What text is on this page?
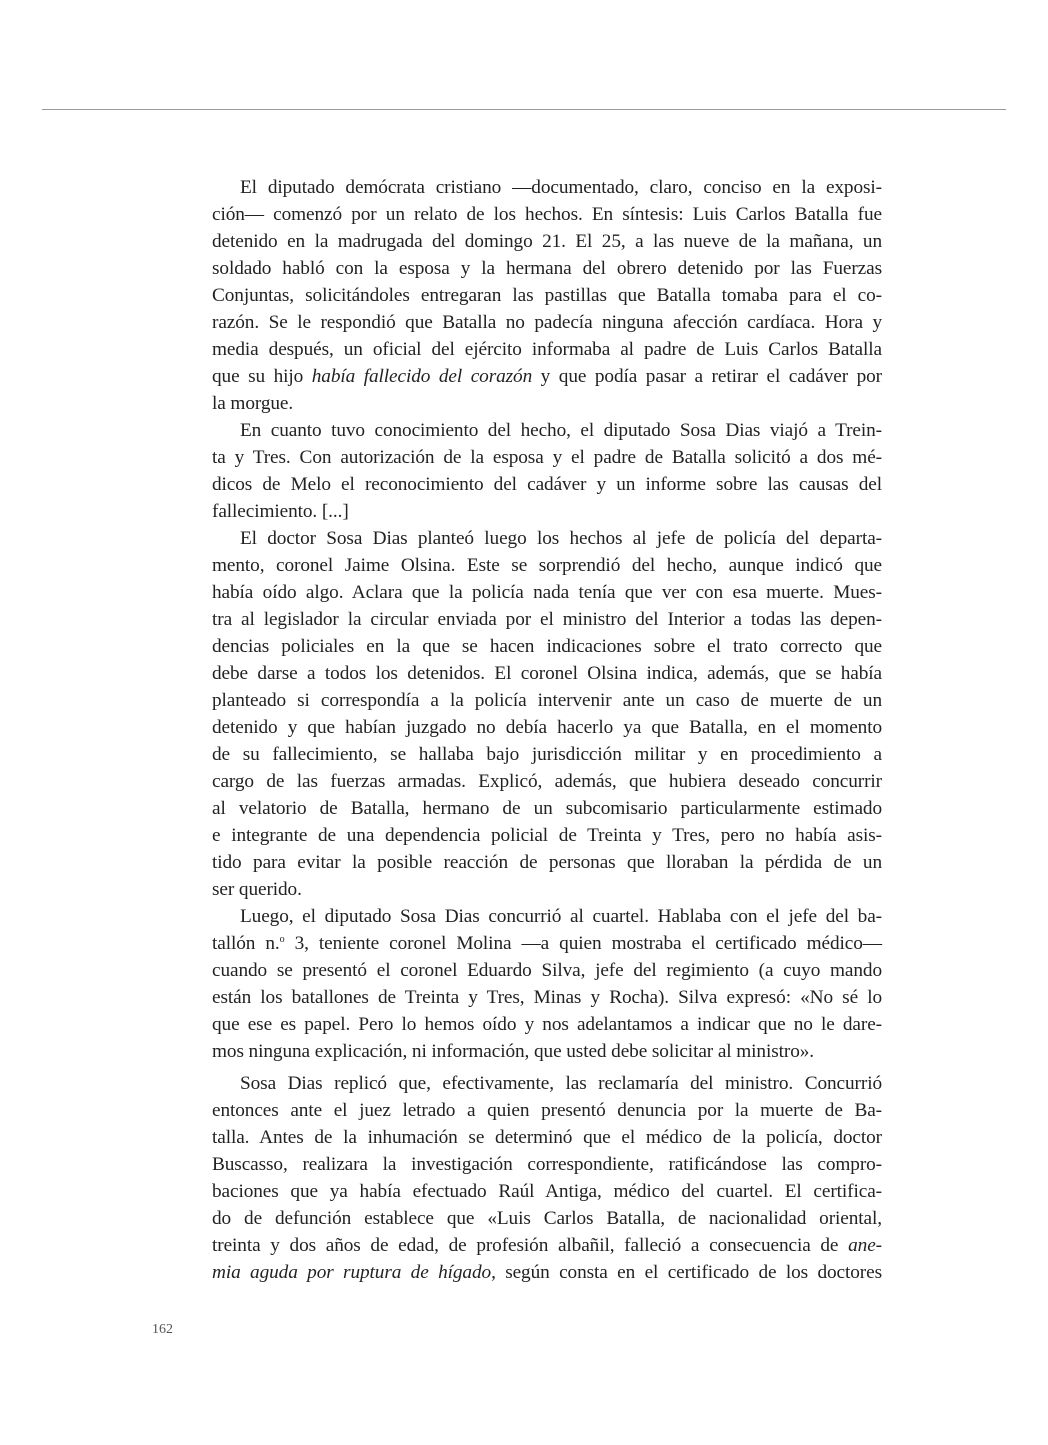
El diputado demócrata cristiano —documentado, claro, conciso en la exposi-
ción— comenzó por un relato de los hechos. En síntesis: Luis Carlos Batalla fue
detenido en la madrugada del domingo 21. El 25, a las nueve de la mañana, un
soldado habló con la esposa y la hermana del obrero detenido por las Fuerzas
Conjuntas, solicitándoles entregaran las pastillas que Batalla tomaba para el co-
razón. Se le respondió que Batalla no padecía ninguna afección cardíaca. Hora y
media después, un oficial del ejército informaba al padre de Luis Carlos Batalla
que su hijo había fallecido del corazón y que podía pasar a retirar el cadáver por
la morgue.
En cuanto tuvo conocimiento del hecho, el diputado Sosa Dias viajó a Trein-
ta y Tres. Con autorización de la esposa y el padre de Batalla solicitó a dos mé-
dicos de Melo el reconocimiento del cadáver y un informe sobre las causas del
fallecimiento. [...]
El doctor Sosa Dias planteó luego los hechos al jefe de policía del departa-
mento, coronel Jaime Olsina. Este se sorprendió del hecho, aunque indicó que
había oído algo. Aclara que la policía nada tenía que ver con esa muerte. Mues-
tra al legislador la circular enviada por el ministro del Interior a todas las depen-
dencias policiales en la que se hacen indicaciones sobre el trato correcto que
debe darse a todos los detenidos. El coronel Olsina indica, además, que se había
planteado si correspondía a la policía intervenir ante un caso de muerte de un
detenido y que habían juzgado no debía hacerlo ya que Batalla, en el momento
de su fallecimiento, se hallaba bajo jurisdicción militar y en procedimiento a
cargo de las fuerzas armadas. Explicó, además, que hubiera deseado concurrir
al velatorio de Batalla, hermano de un subcomisario particularmente estimado
e integrante de una dependencia policial de Treinta y Tres, pero no había asis-
tido para evitar la posible reacción de personas que lloraban la pérdida de un
ser querido.
Luego, el diputado Sosa Dias concurrió al cuartel. Hablaba con el jefe del ba-
tallón n.$^o$ 3, teniente coronel Molina —a quien mostraba el certificado médico—
cuando se presentó el coronel Eduardo Silva, jefe del regimiento (a cuyo mando
están los batallones de Treinta y Tres, Minas y Rocha). Silva expresó: «No sé lo
que ese es papel. Pero lo hemos oído y nos adelantamos a indicar que no le dare-
mos ninguna explicación, ni información, que usted debe solicitar al ministro».
Sosa Dias replicó que, efectivamente, las reclamaría del ministro. Concurrió
entonces ante el juez letrado a quien presentó denuncia por la muerte de Ba-
talla. Antes de la inhumación se determinó que el médico de la policía, doctor
Buscasso, realizara la investigación correspondiente, ratificándose las compro-
baciones que ya había efectuado Raúl Antiga, médico del cuartel. El certifica-
do de defunción establece que «Luis Carlos Batalla, de nacionalidad oriental,
treinta y dos años de edad, de profesión albañil, falleció a consecuencia de ane-
mia aguda por ruptura de hígado, según consta en el certificado de los doctores
162
